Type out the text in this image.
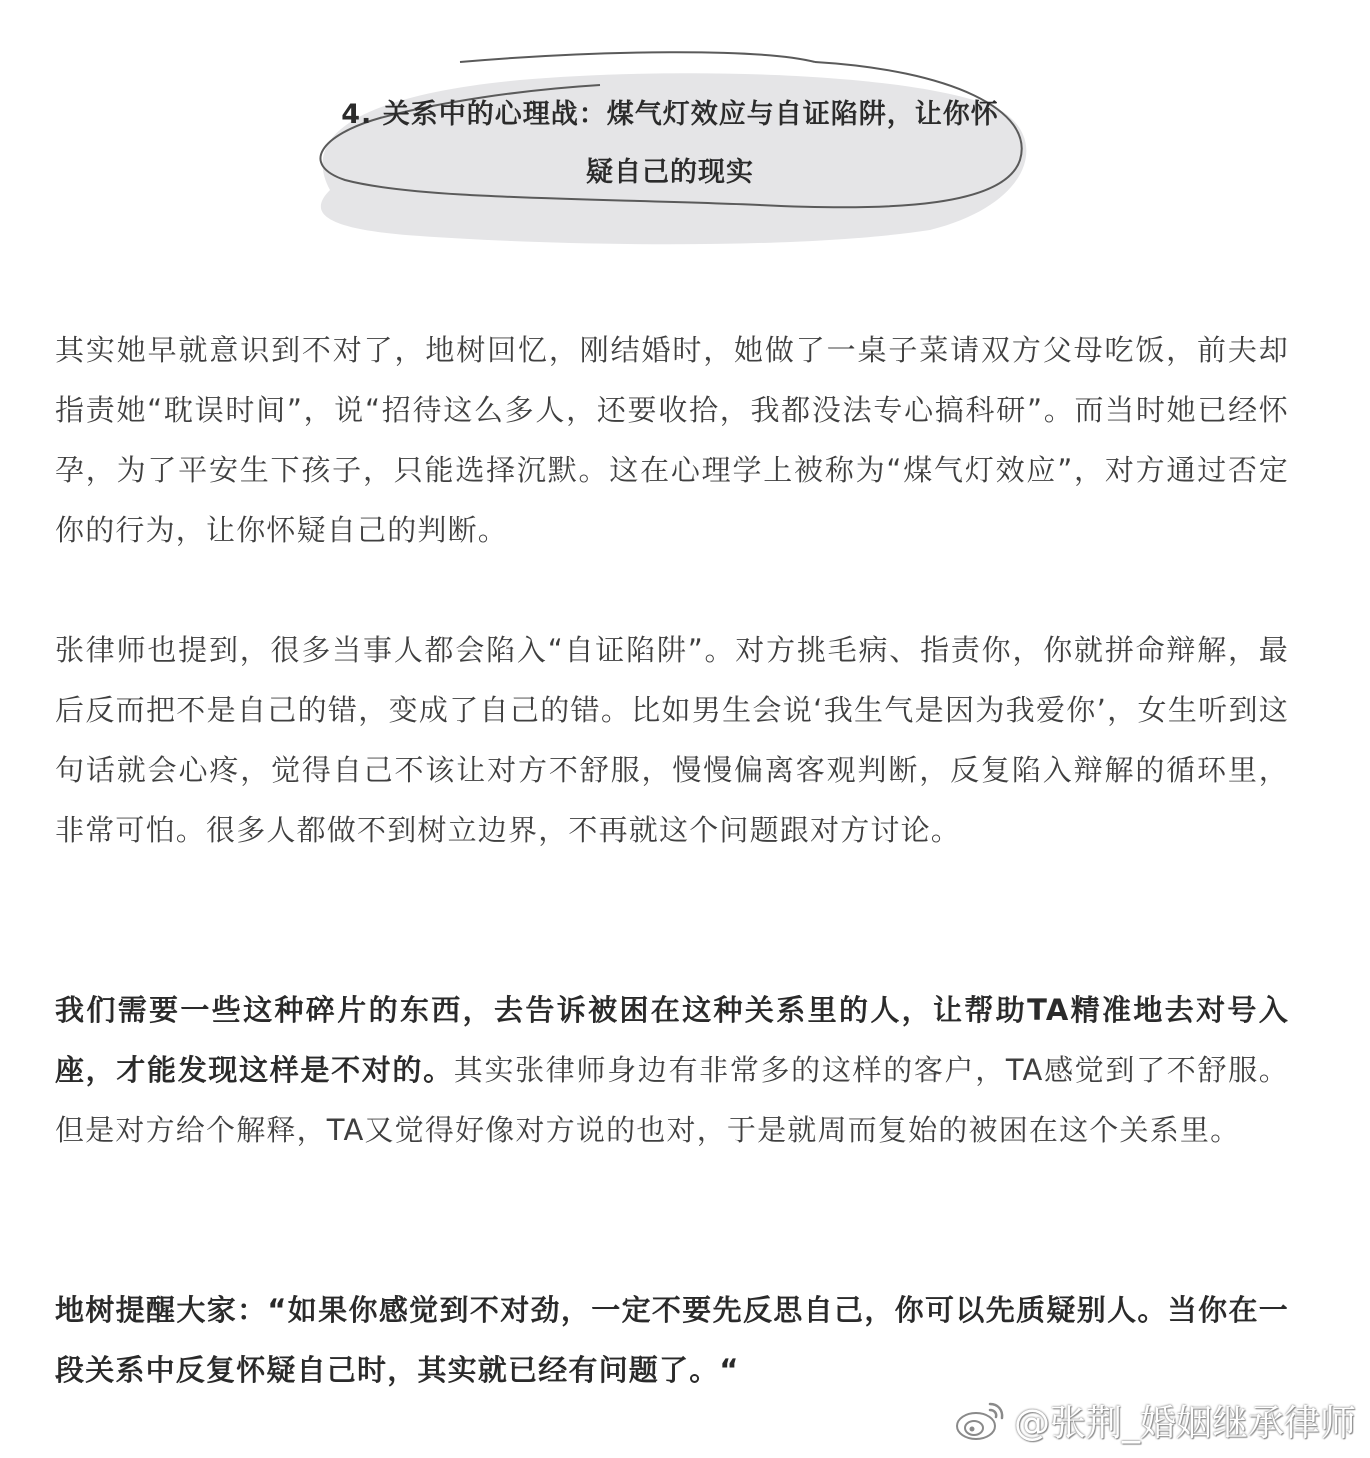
4. 关系中的心理战：煤气灯效应与自证陷阱，让你怀
疑自己的现实

其实她早就意识到不对了，地树回忆，刚结婚时，她做了一桌子菜请双方父母吃饭，前夫却指责她“耽误时间”，说“招待这么多人，还要收拾，我都没法专心搞科研”。而当时她已经怀孕，为了平安生下孩子，只能选择沉默。这在心理学上被称为“煤气灯效应”，对方通过否定你的行为，让你怀疑自己的判断。

张律师也提到，很多当事人都会陷入“自证陷阱”。对方挑毛病、指责你，你就拼命辩解，最后反而把不是自己的错，变成了自己的错。比如男生会说‘我生气是因为我爱你’，女生听到这句话就会心疼，觉得自己不该让对方不舒服，慢慢偏离客观判断，反复陷入辩解的循环里，非常可怕。很多人都做不到树立边界，不再就这个问题跟对方讨论。

我们需要一些这种碎片的东西，去告诉被困在这种关系里的人，让帮助TA精准地去对号入座，才能发现这样是不对的。其实张律师身边有非常多的这样的客户，TA感觉到了不舒服。但是对方给个解释，TA又觉得好像对方说的也对，于是就周而复始的被困在这个关系里。

地树提醒大家：“如果你感觉到不对劲，一定不要先反思自己，你可以先质疑别人。当你在一段关系中反复怀疑自己时，其实就已经有问题了。“

@张荆_婚姻继承律师
